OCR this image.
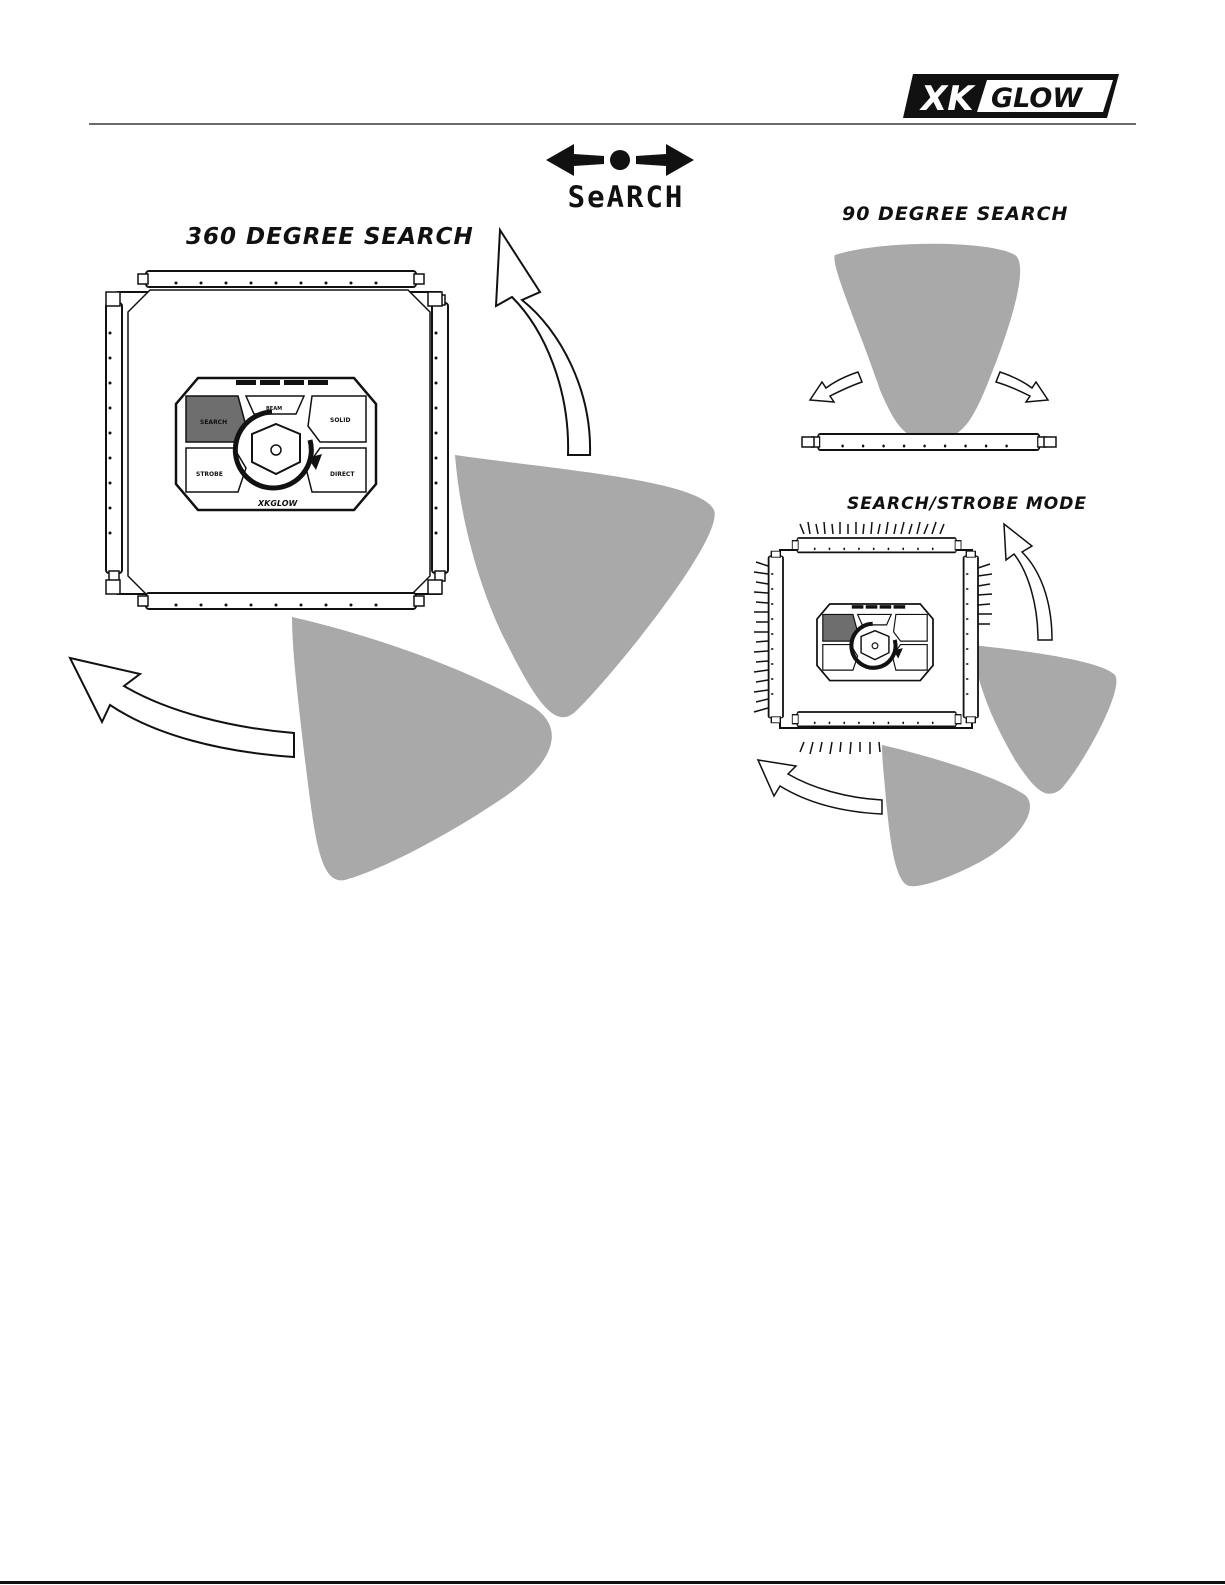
XK GLOW
SeARCH
360 DEGREE SEARCH
90 DEGREE SEARCH
SEARCH/STROBE MODE
SEARCH
BEAM
SOLID
STROBE	DIRECT
XKGLOW
